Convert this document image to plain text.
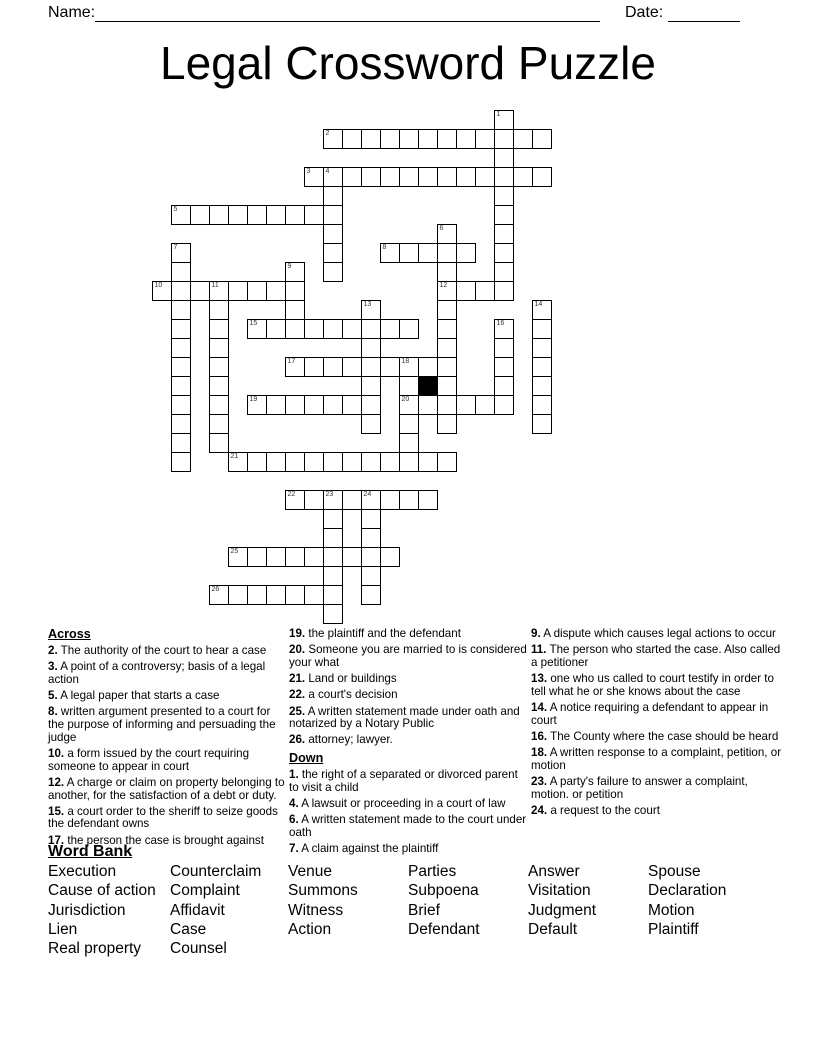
Name:	Date:
Legal Crossword Puzzle
2
3 4
5
8
10	11	12
15
17	18
19	20
21
22	23	24
25
26
1
6
7
9
13	14
16
Across
2. The authority of the court to hear a case
3. A point of a controversy; basis of a legal action
5. A legal paper that starts a case
8. written argument presented to a court for the purpose of informing and persuading the judge
10. a form issued by the court requiring someone to appear in court
12. A charge or claim on property belonging to another, for the satisfaction of a debt or duty.
15. a court order to the sheriff to seize goods the defendant owns
17. the person the case is brought against
19. the plaintiff and the defendant
20. Someone you are married to is considered your what
21. Land or buildings
22. a court's decision
25. A written statement made under oath and notarized by a Notary Public
26. attorney; lawyer.
Down
1. the right of a separated or divorced parent to visit a child
4. A lawsuit or proceeding in a court of law
6. A written statement made to the court under oath
7. A claim against the plaintiff
9. A dispute which causes legal actions to occur
11. The person who started the case. Also called a petitioner
13. one who us called to court testify in order to tell what he or she knows about the case
14. A notice requiring a defendant to appear in court
16. The County where the case should be heard
18. A written response to a complaint, petition, or motion
23. A party's failure to answer a complaint, motion. or petition
24. a request to the court
Word Bank
Execution
Cause of action
Jurisdiction
Lien
Real property
Counterclaim
Complaint
Affidavit
Case
Counsel
Venue
Summons
Witness
Action
Parties
Subpoena
Brief
Defendant
Answer
Visitation
Judgment
Default
Spouse
Declaration
Motion
Plaintiff
